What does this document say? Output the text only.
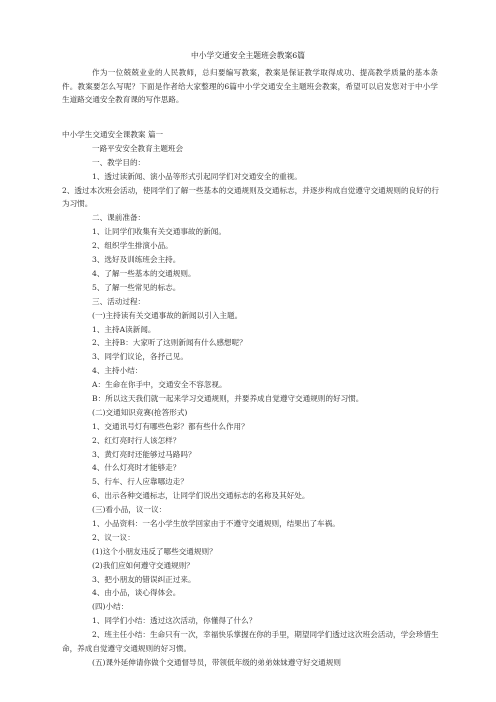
中小学交通安全主题班会教案6篇
作为一位兢兢业业的人民教师，总归要编写教案，教案是保证教学取得成功、提高教学质量的基本条件。教案要怎么写呢？下面是作者给大家整理的6篇中小学交通安全主题班会教案，希望可以启发您对于中小学生道路交通安全教育课的写作思路。
中小学生交通安全课教案 篇一
一路平安安全教育主题班会
一、教学目的：
1、透过读新闻、演小品等形式引起同学们对交通安全的重视。
2、透过本次班会活动，使同学们了解一些基本的交通规则及交通标志，并逐步构成自觉遵守交通规则的良好的行为习惯。
二、课前准备：
1、让同学们收集有关交通事故的新闻。
2、组织学生排演小品。
3、选好及训练班会主持。
4、了解一些基本的交通规则。
5、了解一些常见的标志。
三、活动过程：
(一)主持读有关交通事故的新闻以引入主题。
1、主持A读新闻。
2、主持B：大家听了这则新闻有什么感想呢？
3、同学们议论，各抒己见。
4、主持小结：
A：生命在你手中，交通安全不容忽视。
B：所以这天我们就一起来学习交通规则，并要养成自觉遵守交通规则的好习惯。
(二)交通知识竞赛(抢答形式)
1、交通讯号灯有哪些色彩？都有些什么作用？
2、红灯亮时行人该怎样？
3、黄灯亮时还能够过马路吗？
4、什么灯亮时才能够走？
5、行车、行人应靠哪边走？
6、出示各种交通标志，让同学们说出交通标志的名称及其好处。
(三)看小品，议一议：
1、小品资料：一名小学生放学回家由于不遵守交通规则，结果出了车祸。
2、议一议：
(1)这个小朋友违反了哪些交通规则？
(2)我们应如何遵守交通规则？
3、把小朋友的错误纠正过来。
4、由小品，谈心得体会。
(四)小结：
1、同学们小结：透过这次活动，你懂得了什么？
2、班主任小结：生命只有一次，幸福快乐掌握在你的手里，期望同学们透过这次班会活动，学会珍惜生命，养成自觉遵守交通规则的好习惯。
(五)课外延伸请你做个交通督导员，带领低年级的弟弟妹妹遵守好交通规则
